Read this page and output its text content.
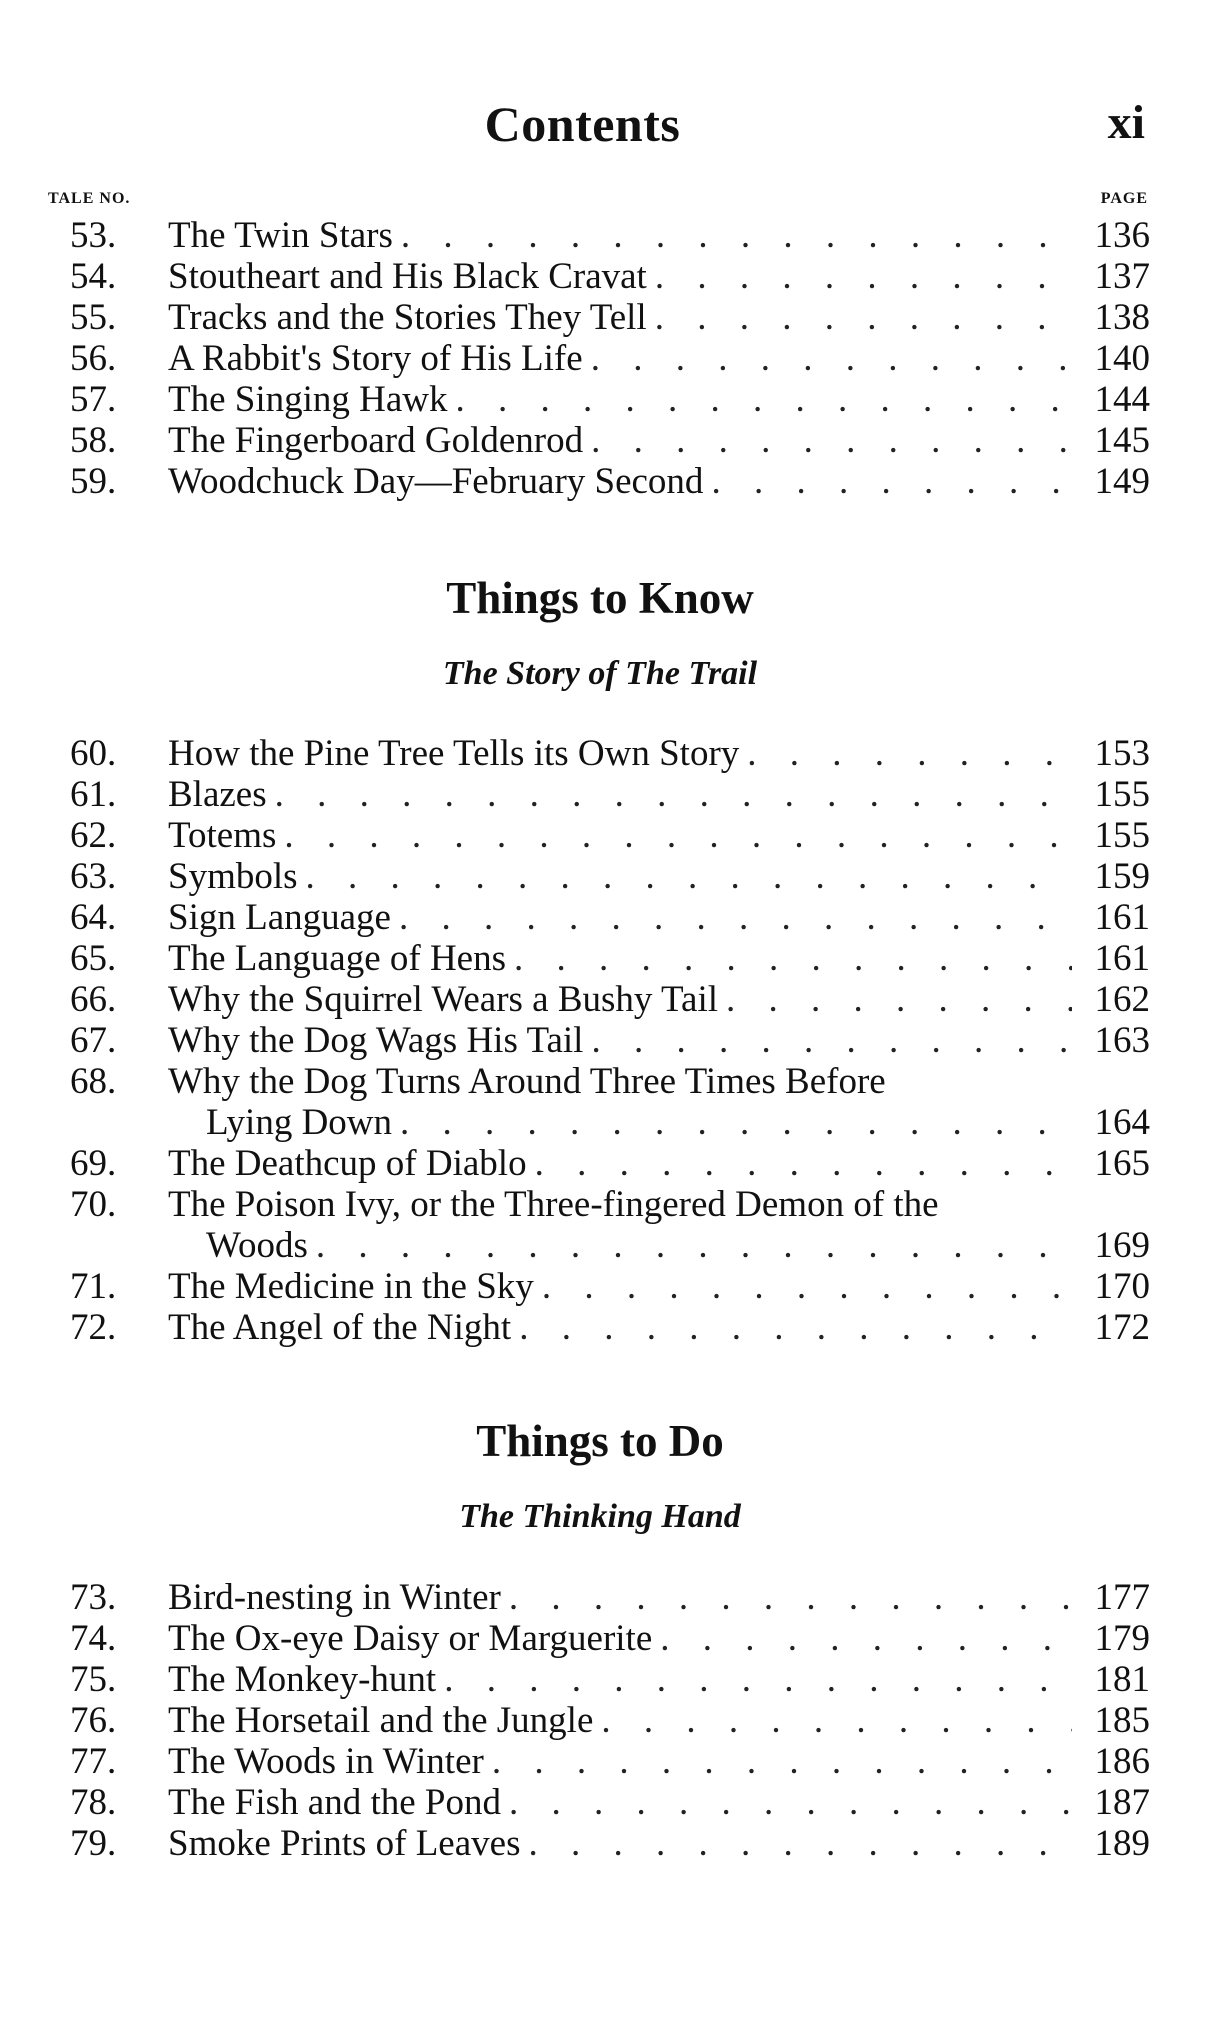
Contents	xi
TALE NO.	PAGE
53.	The Twin Stars . . .	136
54.	Stoutheart and His Black Cravat . . .	137
55.	Tracks and the Stories They Tell . . .	138
56.	A Rabbit's Story of His Life . . .	140
57.	The Singing Hawk . . .	144
58.	The Fingerboard Goldenrod . . .	145
59.	Woodchuck Day—February Second . . .	149
Things to Know
The Story of The Trail
60.	How the Pine Tree Tells its Own Story . . .	153
61.	Blazes . . .	155
62.	Totems . . .	155
63.	Symbols . . .	159
64.	Sign Language . . .	161
65.	The Language of Hens . . .	161
66.	Why the Squirrel Wears a Bushy Tail . . .	162
67.	Why the Dog Wags His Tail . . .	163
68.	Why the Dog Turns Around Three Times Before
Lying Down . . .	164
69.	The Deathcup of Diablo . . .	165
70.	The Poison Ivy, or the Three-fingered Demon of the
Woods . . .	169
71.	The Medicine in the Sky . . .	170
72.	The Angel of the Night . . .	172
Things to Do
The Thinking Hand
73.	Bird-nesting in Winter . . .	177
74.	The Ox-eye Daisy or Marguerite . . .	179
75.	The Monkey-hunt . . .	181
76.	The Horsetail and the Jungle . . .	185
77.	The Woods in Winter . . .	186
78.	The Fish and the Pond . . .	187
79.	Smoke Prints of Leaves . . .	189
